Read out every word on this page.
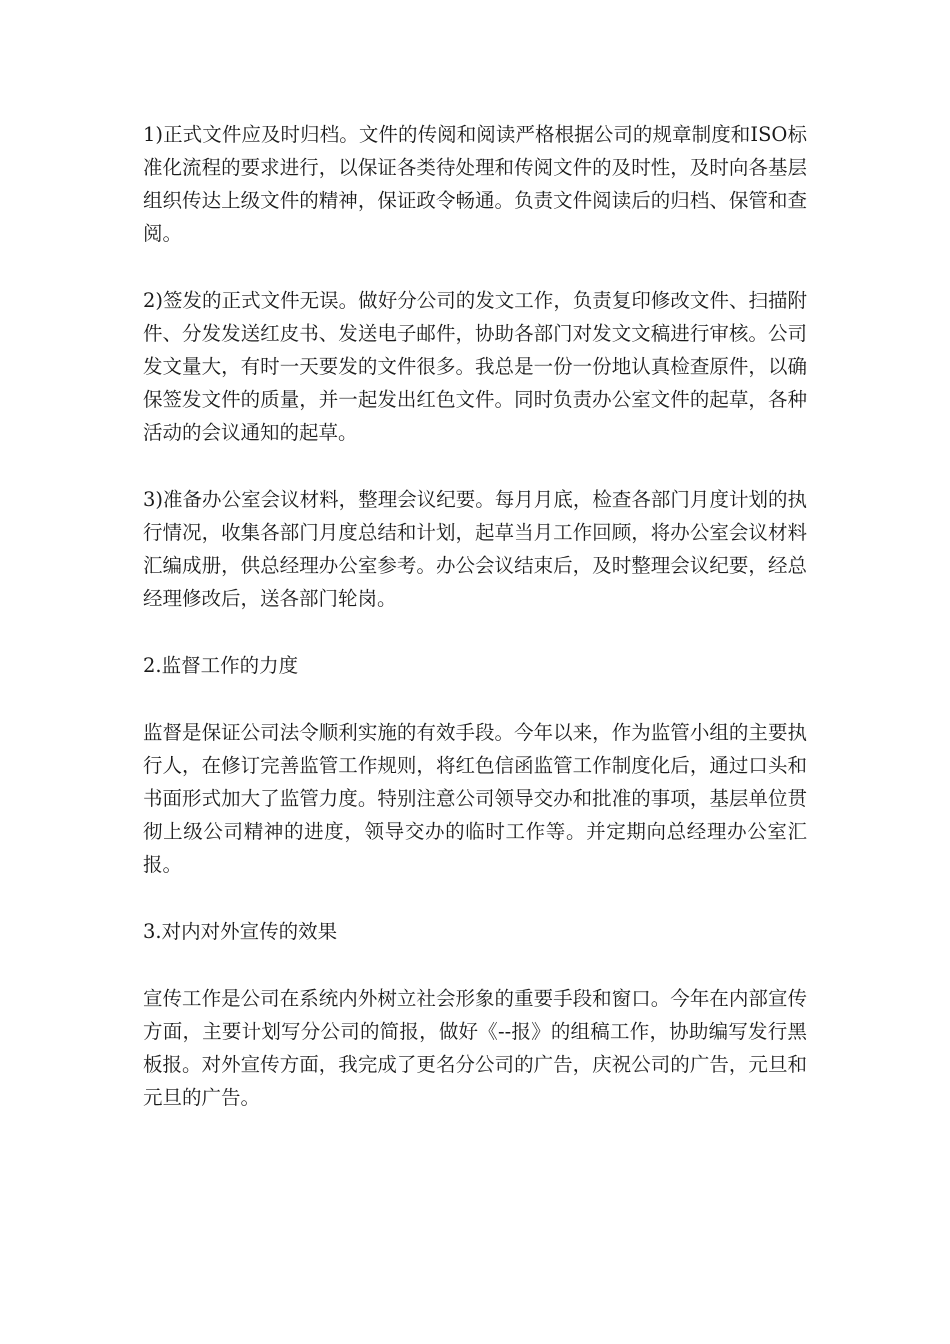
1)正式文件应及时归档。文件的传阅和阅读严格根据公司的规章制度和ISO标准化流程的要求进行，以保证各类待处理和传阅文件的及时性，及时向各基层组织传达上级文件的精神，保证政令畅通。负责文件阅读后的归档、保管和查阅。

2)签发的正式文件无误。做好分公司的发文工作，负责复印修改文件、扫描附件、分发发送红皮书、发送电子邮件，协助各部门对发文文稿进行审核。公司发文量大，有时一天要发的文件很多。我总是一份一份地认真检查原件，以确保签发文件的质量，并一起发出红色文件。同时负责办公室文件的起草，各种活动的会议通知的起草。

3)准备办公室会议材料，整理会议纪要。每月月底，检查各部门月度计划的执行情况，收集各部门月度总结和计划，起草当月工作回顾，将办公室会议材料汇编成册，供总经理办公室参考。办公会议结束后，及时整理会议纪要，经总经理修改后，送各部门轮岗。

2.监督工作的力度

监督是保证公司法令顺利实施的有效手段。今年以来，作为监管小组的主要执行人，在修订完善监管工作规则，将红色信函监管工作制度化后，通过口头和书面形式加大了监管力度。特别注意公司领导交办和批准的事项，基层单位贯彻上级公司精神的进度，领导交办的临时工作等。并定期向总经理办公室汇报。

3.对内对外宣传的效果

宣传工作是公司在系统内外树立社会形象的重要手段和窗口。今年在内部宣传方面，主要计划写分公司的简报，做好《--报》的组稿工作，协助编写发行黑板报。对外宣传方面，我完成了更名分公司的广告，庆祝公司的广告，元旦和元旦的广告。
